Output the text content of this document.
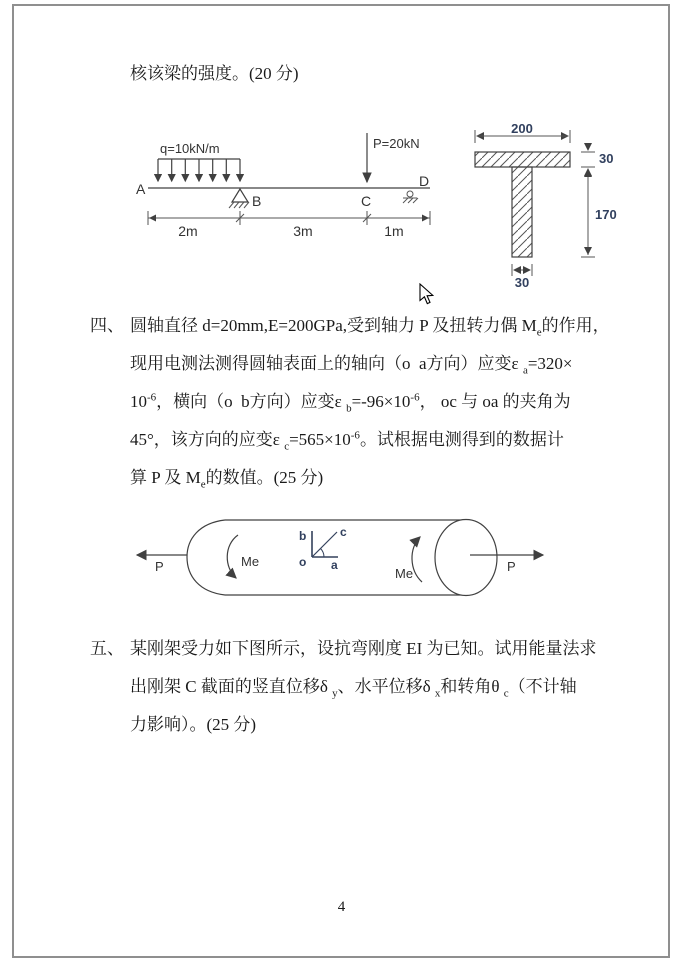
核该梁的强度。(20 分)
A
q=10kN/m
B
P=20kN
C
D
2m	3m	1m
200
30
170
30
四、 圆轴直径 d=20mm,E=200GPa,受到轴力 P 及扭转力偶 $M_e$的作用，
现用电测法测得圆轴表面上的轴向（o  a方向）应变ε $_a$=320×
$10^{-6}$，横向（o  b方向）应变ε $_b=-96\times 10^{-6}$， oc 与 oa 的夹角为
45°，该方向的应变ε $_c=565\times 10^{-6}$。试根据电测得到的数据计
算 P 及 $M_e$的数值。(25 分)
P	P
Me
Me
b	c
o a
五、 某刚架受力如下图所示，设抗弯刚度 EI 为已知。试用能量法求
出刚架 C 截面的竖直位移δ $_y$、水平位移δ $_x$和转角θ $_c$（不计轴
力影响）。(25 分)
4
